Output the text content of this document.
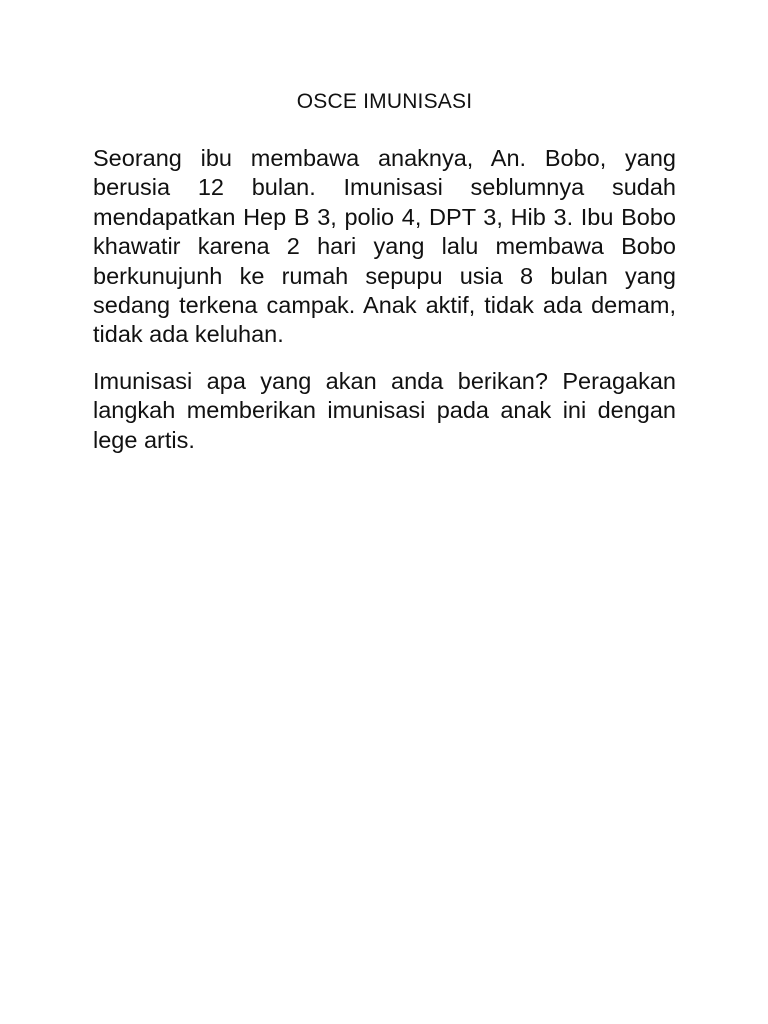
OSCE IMUNISASI

Seorang ibu membawa anaknya, An. Bobo, yang berusia 12 bulan. Imunisasi seblumnya sudah mendapatkan Hep B 3, polio 4, DPT 3, Hib 3. Ibu Bobo khawatir karena 2 hari yang lalu membawa Bobo berkunujunh ke rumah sepupu usia 8 bulan yang sedang terkena campak. Anak aktif, tidak ada demam, tidak ada keluhan.

Imunisasi apa yang akan anda berikan? Peragakan langkah memberikan imunisasi pada anak ini dengan lege artis.
